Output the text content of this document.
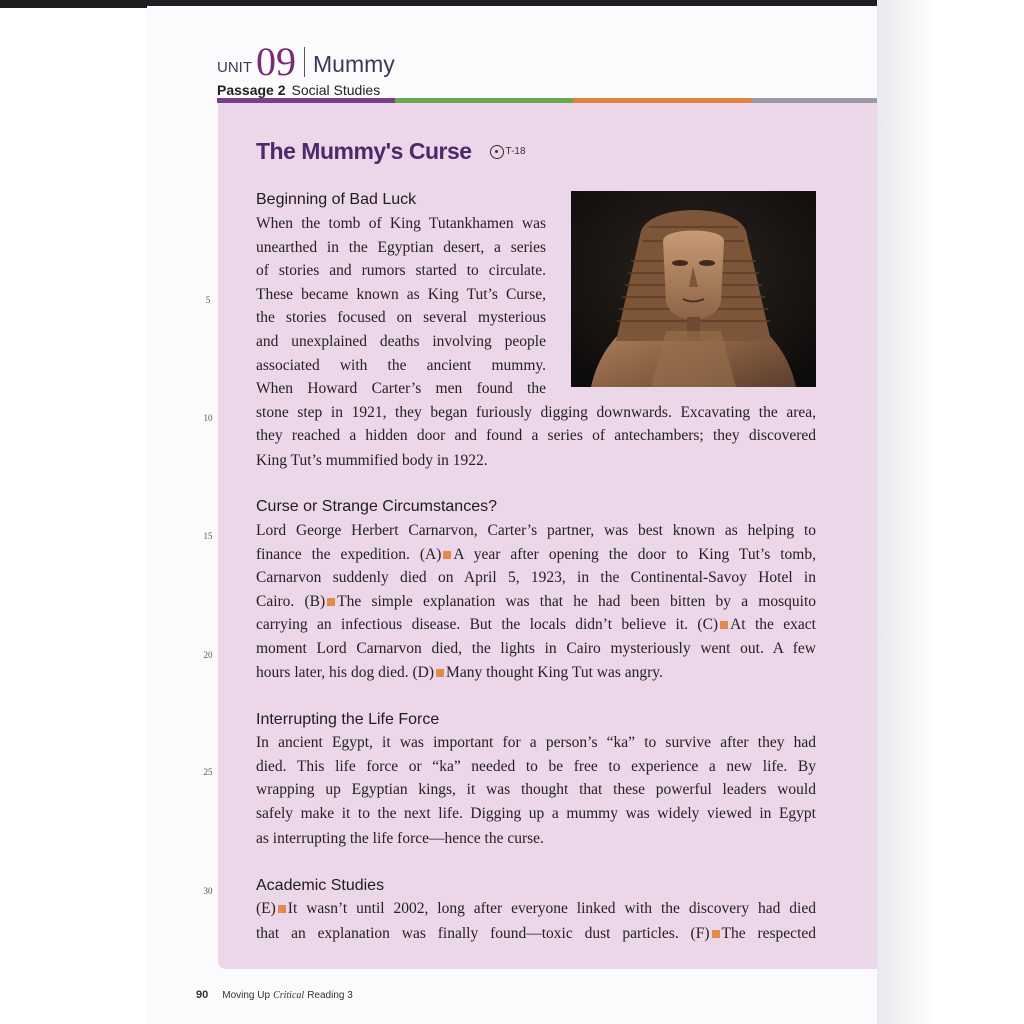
UNIT 09 Mummy
Passage 2 Social Studies
The Mummy's Curse	T-18
Beginning of Bad Luck
When the tomb of King Tutankhamen was
unearthed in the Egyptian desert, a series
of stories and rumors started to circulate.
These became known as King Tut’s Curse,
the stories focused on several mysterious
and unexplained deaths involving people
associated with the ancient mummy.
When Howard Carter’s men found the
stone step in 1921, they began furiously digging downwards. Excavating the area,
they reached a hidden door and found a series of antechambers; they discovered
King Tut’s mummified body in 1922.
Curse or Strange Circumstances?
Lord George Herbert Carnarvon, Carter’s partner, was best known as helping to
finance the expedition. (A) A year after opening the door to King Tut’s tomb,
Carnarvon suddenly died on April 5, 1923, in the Continental-Savoy Hotel in
Cairo. (B) The simple explanation was that he had been bitten by a mosquito
carrying an infectious disease. But the locals didn’t believe it. (C) At the exact
moment Lord Carnarvon died, the lights in Cairo mysteriously went out. A few
hours later, his dog died. (D) Many thought King Tut was angry.
Interrupting the Life Force
In ancient Egypt, it was important for a person’s “ka” to survive after they had
died. This life force or “ka” needed to be free to experience a new life. By
wrapping up Egyptian kings, it was thought that these powerful leaders would
safely make it to the next life. Digging up a mummy was widely viewed in Egypt
as interrupting the life force—hence the curse.
Academic Studies
(E) It wasn’t until 2002, long after everyone linked with the discovery had died
that an explanation was finally found—toxic dust particles. (F) The respected
5
10
15
20
25
30
90 Moving Up Critical Reading 3
